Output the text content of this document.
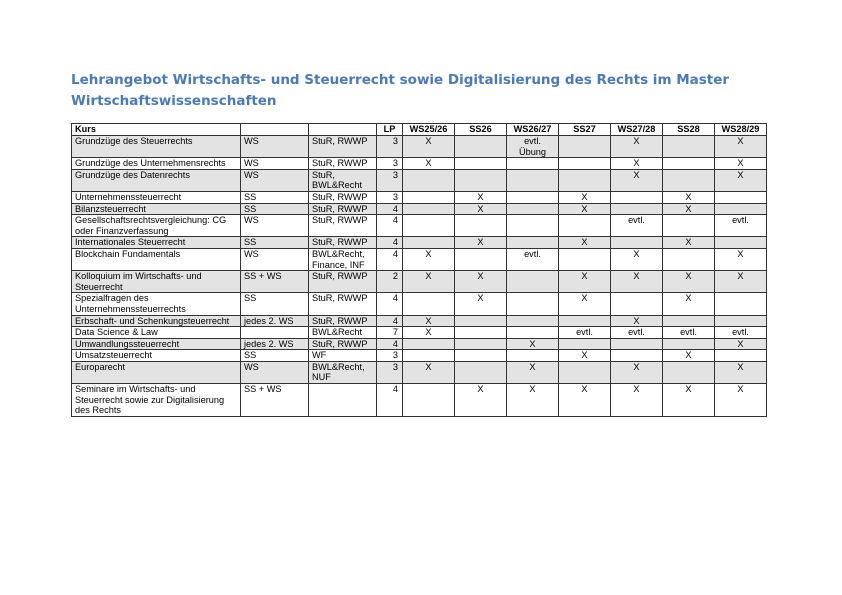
Lehrangebot Wirtschafts- und Steuerrecht sowie Digitalisierung des Rechts im Master Wirtschaftswissenschaften
Kurs			LP	WS25/26	SS26	WS26/27	SS27	WS27/28	SS28	WS28/29
Grundzüge des Steuerrechts	WS	StuR, RWWP	3	X		evtl. Übung		X		X
Grundzüge des Unternehmensrechts	WS	StuR, RWWP	3	X				X		X
Grundzüge des Datenrechts	WS	StuR, BWL&Recht	3					X		X
Unternehmenssteuerrecht	SS	StuR, RWWP	3		X		X		X	
Bilanzsteuerrecht	SS	StuR, RWWP	4		X		X		X	
Gesellschaftsrechtsvergleichung: CG oder Finanzverfassung	WS	StuR, RWWP	4					evtl.		evtl.
Internationales Steuerrecht	SS	StuR, RWWP	4		X		X		X	
Blockchain Fundamentals	WS	BWL&Recht, Finance, INF	4	X		evtl.		X		X
Kolloquium im Wirtschafts- und Steuerrecht	SS + WS	StuR, RWWP	2	X	X		X	X	X	X
Spezialfragen des Unternehmenssteuerrechts	SS	StuR, RWWP	4		X		X		X	
Erbschaft- und Schenkungsteuerrecht	jedes 2. WS	StuR, RWWP	4	X				X		
Data Science & Law		BWL&Recht	7	X			evtl.	evtl.	evtl.	evtl.
Umwandlungssteuerrecht	jedes 2. WS	StuR, RWWP	4			X				X
Umsatzsteuerrecht	SS	WF	3				X		X	
Europarecht	WS	BWL&Recht, NUF	3	X		X		X		X
Seminare im Wirtschafts- und Steuerrecht sowie zur Digitalisierung des Rechts	SS + WS		4		X	X	X	X	X	X
